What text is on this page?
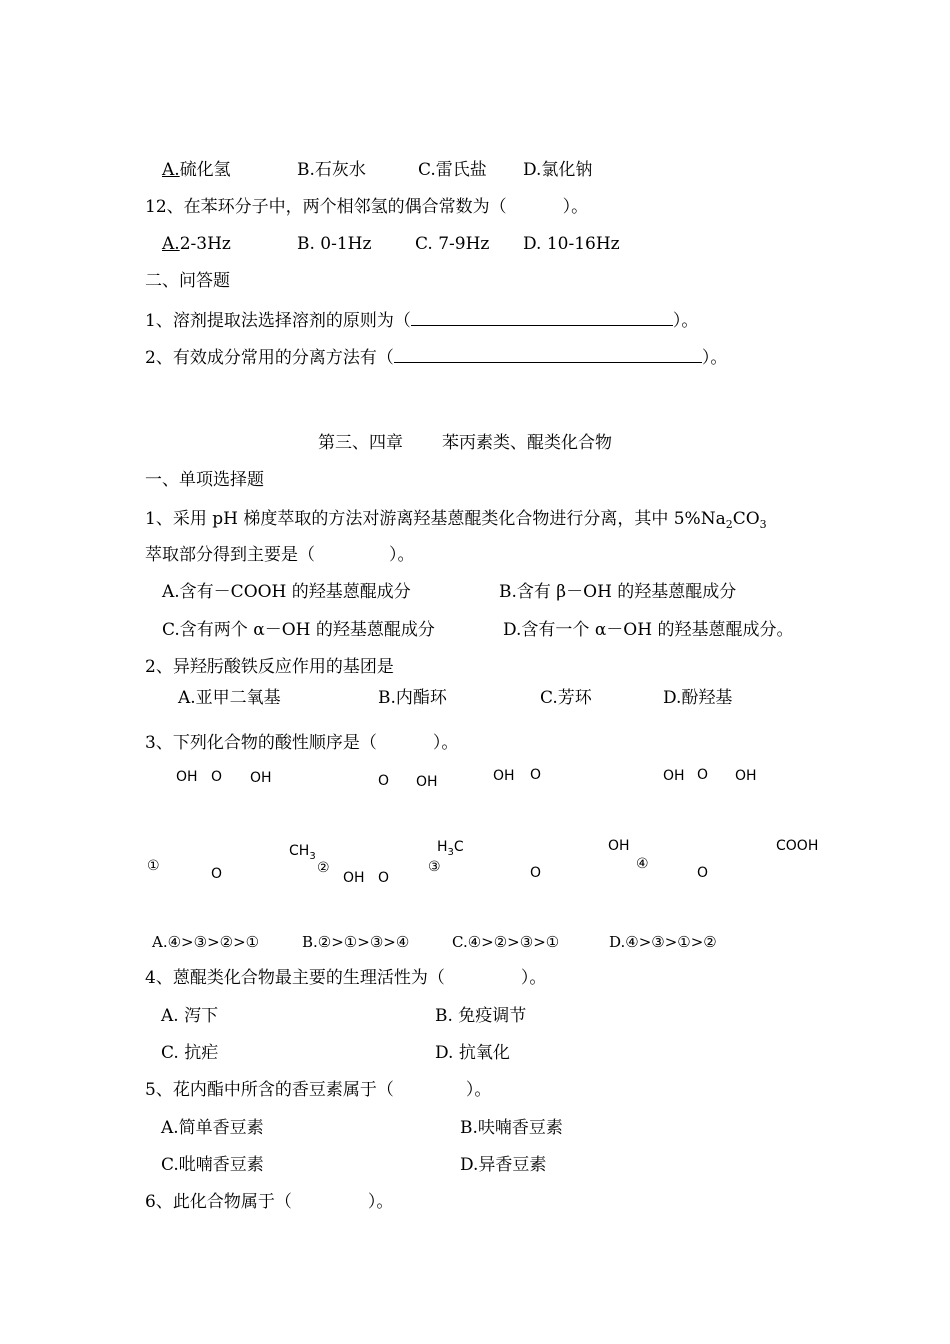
A.硫化氢	B.石灰水	C.雷氏盐 D.氯化钠
12、在苯环分子中，两个相邻氢的偶合常数为（	）。
A.2-3Hz	B. 0-1Hz	C. 7-9Hz D. 10-16Hz
二、问答题
1、溶剂提取法选择溶剂的原则为（	）。
2、有效成分常用的分离方法有（	）。
第三、四章 苯丙素类、醌类化合物
一、单项选择题
1、采用 pH 梯度萃取的方法对游离羟基蒽醌类化合物进行分离，其中 $5\%Na_2CO_3$
萃取部分得到主要是（	）。
A.含有－COOH 的羟基蒽醌成分	B.含有 β－OH 的羟基蒽醌成分
C.含有两个 α－OH 的羟基蒽醌成分	D.含有一个 α－OH 的羟基蒽醌成分。
2、异羟肟酸铁反应作用的基团是
A.亚甲二氧基	B.内酯环	C.芳环	D.酚羟基
3、下列化合物的酸性顺序是（	）。
OH O OH	O OH	OH O	OH O OH
$CH_3$
$H_3C$	OH	COOH
①	②	③	④
O	OH O	O	O
A.④>③>②>①	B.②>①>③>④	C.④>②>③>①	D.④>③>①>②
4、蒽醌类化合物最主要的生理活性为（	）。
A. 泻下	B. 免疫调节
C. 抗疟	D. 抗氧化
5、花内酯中所含的香豆素属于（	）。
A.简单香豆素	B.呋喃香豆素
C.吡喃香豆素	D.异香豆素
6、此化合物属于（	）。
